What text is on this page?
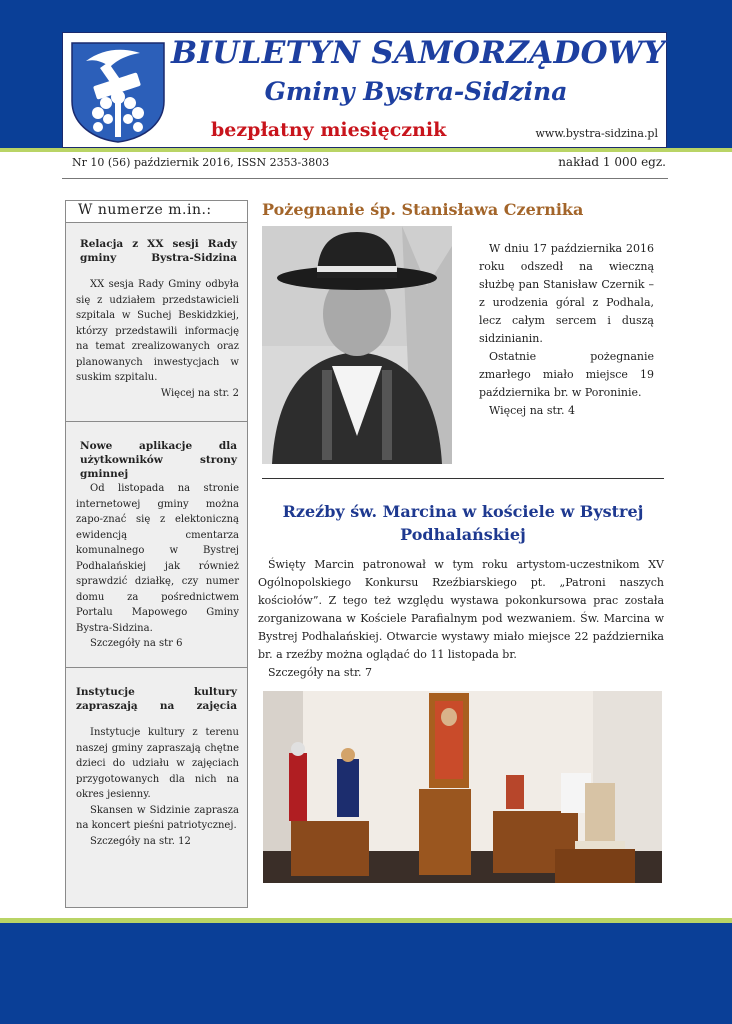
BIULETYN SAMORZĄDOWY
Gminy Bystra-Sidzina
bezpłatny miesięcznik	www.bystra-sidzina.pl
Nr 10 (56) październik 2016, ISSN 2353-3803	nakład 1 000 egz.
W numerze m.in.:
Relacja z XX sesji Rady gminy Bystra-Sidzina
XX sesja Rady Gminy odbyła się z udziałem przedstawicieli szpitala w Suchej Beskidzkiej, którzy przedstawili informację na temat zrealizowanych oraz planowanych inwestycjach w suskim szpitalu.
Więcej na str. 2
Nowe aplikacje dla użytkowników strony gminnej
Od listopada na stronie internetowej gminy można zapo-znać się z elektoniczną ewidencją cmentarza komunalnego w Bystrej Podhalańskiej jak również sprawdzić działkę, czy numer domu za pośrednictwem Portalu Mapowego Gminy Bystra-Sidzina.
Szczegóły na str 6
Instytucje kultury zapraszają na zajęcia
Instytucje kultury z terenu naszej gminy zapraszają chętne dzieci do udziału w zajęciach przygotowanych dla nich na okres jesienny.
Skansen w Sidzinie zaprasza na koncert pieśni patriotycznej.
Szczegóły na str. 12
Pożegnanie śp. Stanisława Czernika

W dniu 17 października 2016 roku odszedł na wieczną służbę pan Stanisław Czernik – z urodzenia góral z Podhala, lecz całym sercem i duszą sidzinianin.

Ostatnie pożegnanie zmarłego miało miejsce 19 października br. w Poroninie.

Więcej na str. 4

Rzeźby św. Marcina w kościele w Bystrej Podhalańskiej

Święty Marcin patronował w tym roku artystom-uczestnikom XV Ogólnopolskiego Konkursu Rzeźbiarskiego pt. „Patroni naszych kościołów”. Z tego też względu wystawa pokonkursowa prac została zorganizowana w Kościele Parafialnym pod wezwaniem. Św. Marcina w Bystrej Podhalańskiej. Otwarcie wystawy miało miejsce 22 października br. a rzeźby można oglądać do 11 listopada br.

Szczegóły na str. 7
